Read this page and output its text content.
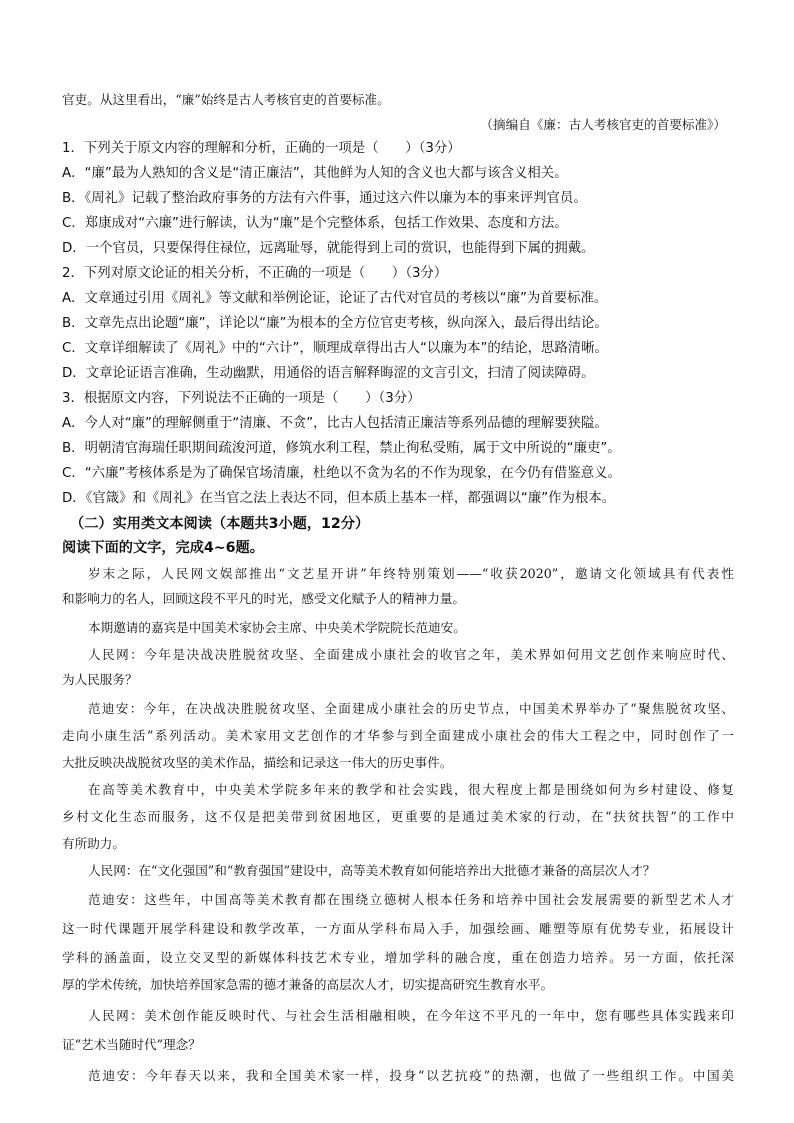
官吏。从这里看出，“廉”始终是古人考核官吏的首要标准。
（摘编自《廉：古人考核官吏的首要标准》）
1．下列关于原文内容的理解和分析，正确的一项是（　　）（3分）
A．“廉”最为人熟知的含义是“清正廉洁”，其他鲜为人知的含义也大都与该含义相关。
B．《周礼》记载了整治政府事务的方法有六件事，通过这六件以廉为本的事来评判官员。
C．郑康成对“六廉”进行解读，认为“廉”是个完整体系，包括工作效果、态度和方法。
D．一个官员，只要保得住禄位，远离耻辱，就能得到上司的赏识，也能得到下属的拥戴。
2．下列对原文论证的相关分析，不正确的一项是（　　）（3分）
A．文章通过引用《周礼》等文献和举例论证，论证了古代对官员的考核以“廉”为首要标准。
B．文章先点出论题“廉”，详论以“廉”为根本的全方位官吏考核，纵向深入，最后得出结论。
C．文章详细解读了《周礼》中的“六计”，顺理成章得出古人“以廉为本”的结论，思路清晰。
D．文章论证语言准确，生动幽默，用通俗的语言解释晦涩的文言引文，扫清了阅读障碍。
3．根据原文内容，下列说法不正确的一项是（　　）（3分）
A．今人对“廉”的理解侧重于“清廉、不贪”，比古人包括清正廉洁等系列品德的理解要狭隘。
B．明朝清官海瑞任职期间疏浚河道，修筑水利工程，禁止徇私受贿，属于文中所说的“廉吏”。
C．“六廉”考核体系是为了确保官场清廉，杜绝以不贪为名的不作为现象，在今仍有借鉴意义。
D．《官箴》和《周礼》在当官之法上表达不同，但本质上基本一样，都强调以“廉”作为根本。
（二）实用类文本阅读（本题共3小题，12分）
阅读下面的文字，完成4~6题。
岁末之际，人民网文娱部推出“文艺星开讲”年终特别策划——“收获2020”，邀请文化领域具有代表性
和影响力的名人，回顾这段不平凡的时光，感受文化赋予人的精神力量。
本期邀请的嘉宾是中国美术家协会主席、中央美术学院院长范迪安。
人民网：今年是决战决胜脱贫攻坚、全面建成小康社会的收官之年，美术界如何用文艺创作来响应时代、
为人民服务？
范迪安：今年，在决战决胜脱贫攻坚、全面建成小康社会的历史节点，中国美术界举办了“聚焦脱贫攻坚、
走向小康生活”系列活动。美术家用文艺创作的才华参与到全面建成小康社会的伟大工程之中，同时创作了一
大批反映决战脱贫攻坚的美术作品，描绘和记录这一伟大的历史事件。
在高等美术教育中，中央美术学院多年来的教学和社会实践，很大程度上都是围绕如何为乡村建设、修复
乡村文化生态而服务，这不仅是把美带到贫困地区，更重要的是通过美术家的行动，在“扶贫扶智”的工作中
有所助力。
人民网：在“文化强国”和“教育强国”建设中，高等美术教育如何能培养出大批德才兼备的高层次人才？
范迪安：这些年，中国高等美术教育都在围绕立德树人根本任务和培养中国社会发展需要的新型艺术人才
这一时代课题开展学科建设和教学改革，一方面从学科布局入手，加强绘画、雕塑等原有优势专业，拓展设计
学科的涵盖面，设立交叉型的新媒体科技艺术专业，增加学科的融合度，重在创造力培养。另一方面，依托深
厚的学术传统，加快培养国家急需的德才兼备的高层次人才，切实提高研究生教育水平。
人民网：美术创作能反映时代、与社会生活相融相映，在今年这不平凡的一年中，您有哪些具体实践来印
证“艺术当随时代”理念？
范迪安：今年春天以来，我和全国美术家一样，投身“以艺抗疫”的热潮，也做了一些组织工作。中国美
